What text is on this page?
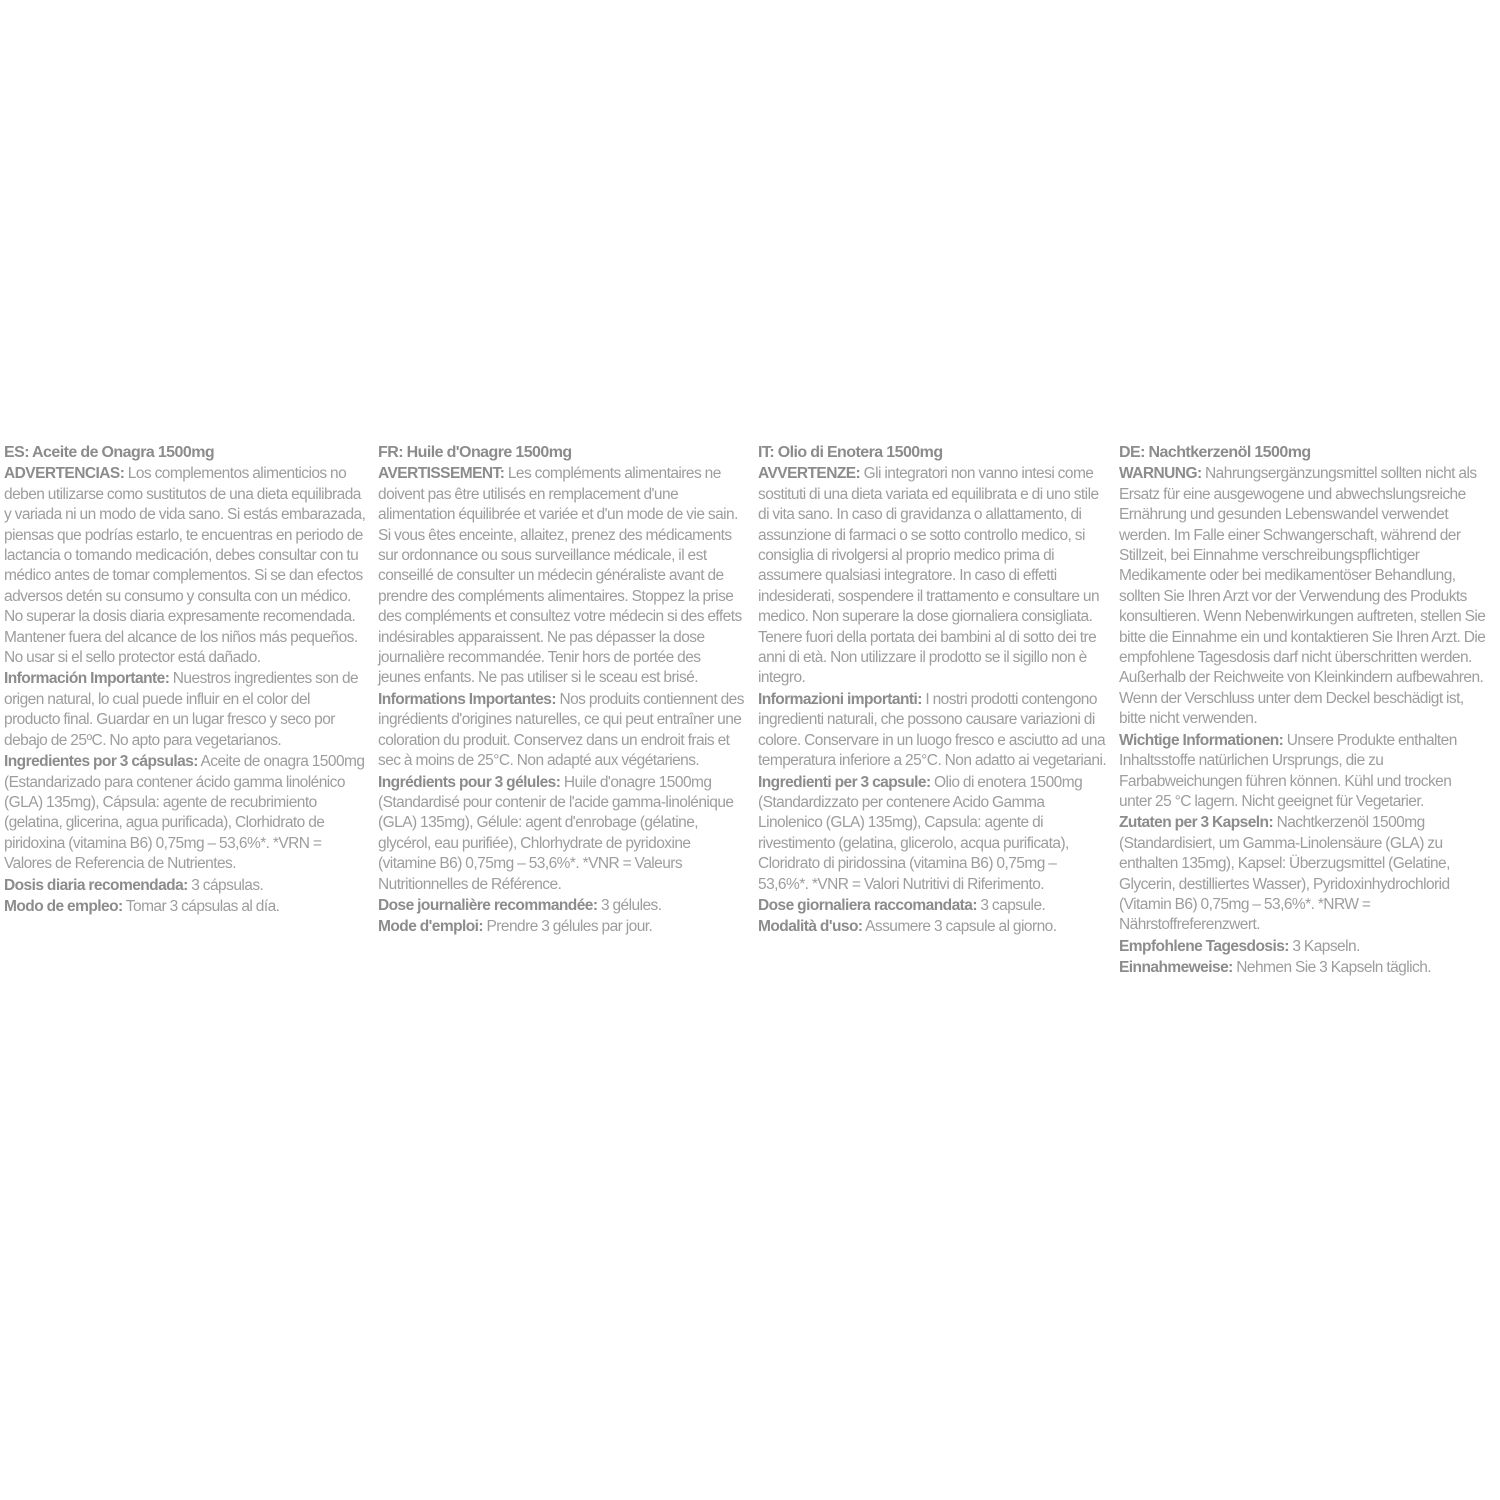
ES: Aceite de Onagra 1500mg

ADVERTENCIAS: Los complementos alimenticios no deben utilizarse como sustitutos de una dieta equilibrada y variada ni un modo de vida sano. Si estás embarazada, piensas que podrías estarlo, te encuentras en periodo de lactancia o tomando medicación, debes consultar con tu médico antes de tomar complementos. Si se dan efectos adversos detén su consumo y consulta con un médico. No superar la dosis diaria expresamente recomendada. Mantener fuera del alcance de los niños más pequeños. No usar si el sello protector está dañado.

Información Importante: Nuestros ingredientes son de origen natural, lo cual puede influir en el color del producto final. Guardar en un lugar fresco y seco por debajo de 25ºC. No apto para vegetarianos.

Ingredientes por 3 cápsulas: Aceite de onagra 1500mg (Estandarizado para contener ácido gamma linolénico (GLA) 135mg), Cápsula: agente de recubrimiento (gelatina, glicerina, agua purificada), Clorhidrato de piridoxina (vitamina B6) 0,75mg – 53,6%*. *VRN = Valores de Referencia de Nutrientes.

Dosis diaria recomendada: 3 cápsulas.

Modo de empleo: Tomar 3 cápsulas al día.

FR: Huile d'Onagre 1500mg

AVERTISSEMENT: Les compléments alimentaires ne doivent pas être utilisés en remplacement d'une alimentation équilibrée et variée et d'un mode de vie sain. Si vous êtes enceinte, allaitez, prenez des médicaments sur ordonnance ou sous surveillance médicale, il est conseillé de consulter un médecin généraliste avant de prendre des compléments alimentaires. Stoppez la prise des compléments et consultez votre médecin si des effets indésirables apparaissent. Ne pas dépasser la dose journalière recommandée. Tenir hors de portée des jeunes enfants. Ne pas utiliser si le sceau est brisé.

Informations Importantes: Nos produits contiennent des ingrédients d'origines naturelles, ce qui peut entraîner une coloration du produit. Conservez dans un endroit frais et sec à moins de 25°C. Non adapté aux végétariens.

Ingrédients pour 3 gélules: Huile d'onagre 1500mg (Standardisé pour contenir de l'acide gamma-linolénique (GLA) 135mg), Gélule: agent d'enrobage (gélatine, glycérol, eau purifiée), Chlorhydrate de pyridoxine (vitamine B6) 0,75mg – 53,6%*. *VNR = Valeurs Nutritionnelles de Référence.

Dose journalière recommandée: 3 gélules.

Mode d'emploi: Prendre 3 gélules par jour.

IT: Olio di Enotera 1500mg

AVVERTENZE: Gli integratori non vanno intesi come sostituti di una dieta variata ed equilibrata e di uno stile di vita sano. In caso di gravidanza o allattamento, di assunzione di farmaci o se sotto controllo medico, si consiglia di rivolgersi al proprio medico prima di assumere qualsiasi integratore. In caso di effetti indesiderati, sospendere il trattamento e consultare un medico. Non superare la dose giornaliera consigliata. Tenere fuori della portata dei bambini al di sotto dei tre anni di età. Non utilizzare il prodotto se il sigillo non è integro.

Informazioni importanti: I nostri prodotti contengono ingredienti naturali, che possono causare variazioni di colore. Conservare in un luogo fresco e asciutto ad una temperatura inferiore a 25°C. Non adatto ai vegetariani.

Ingredienti per 3 capsule: Olio di enotera 1500mg (Standardizzato per contenere Acido Gamma Linolenico (GLA) 135mg), Capsula: agente di rivestimento (gelatina, glicerolo, acqua purificata), Cloridrato di piridossina (vitamina B6) 0,75mg – 53,6%*. *VNR = Valori Nutritivi di Riferimento.

Dose giornaliera raccomandata: 3 capsule.

Modalità d'uso: Assumere 3 capsule al giorno.

DE: Nachtkerzenöl 1500mg

WARNUNG: Nahrungsergänzungsmittel sollten nicht als Ersatz für eine ausgewogene und abwechslungsreiche Ernährung und gesunden Lebenswandel verwendet werden. Im Falle einer Schwangerschaft, während der Stillzeit, bei Einnahme verschreibungspflichtiger Medikamente oder bei medikamentöser Behandlung, sollten Sie Ihren Arzt vor der Verwendung des Produkts konsultieren. Wenn Nebenwirkungen auftreten, stellen Sie bitte die Einnahme ein und kontaktieren Sie Ihren Arzt. Die empfohlene Tagesdosis darf nicht überschritten werden. Außerhalb der Reichweite von Kleinkindern aufbewahren. Wenn der Verschluss unter dem Deckel beschädigt ist, bitte nicht verwenden.

Wichtige Informationen: Unsere Produkte enthalten Inhaltsstoffe natürlichen Ursprungs, die zu Farbabweichungen führen können. Kühl und trocken unter 25 °C lagern. Nicht geeignet für Vegetarier.

Zutaten per 3 Kapseln: Nachtkerzenöl 1500mg (Standardisiert, um Gamma-Linolensäure (GLA) zu enthalten 135mg), Kapsel: Überzugsmittel (Gelatine, Glycerin, destilliertes Wasser), Pyridoxinhydrochlorid (Vitamin B6) 0,75mg – 53,6%*. *NRW = Nährstoffreferenzwert.

Empfohlene Tagesdosis: 3 Kapseln.

Einnahmeweise: Nehmen Sie 3 Kapseln täglich.
